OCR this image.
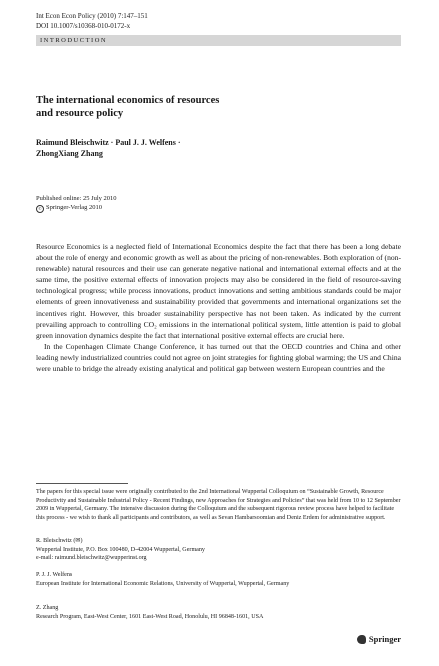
Int Econ Econ Policy (2010) 7:147–151
DOI 10.1007/s10368-010-0172-x
INTRODUCTION
The international economics of resources
and resource policy
Raimund Bleischwitz · Paul J. J. Welfens ·
ZhongXiang Zhang
Published online: 25 July 2010
© Springer-Verlag 2010

Resource Economics is a neglected field of International Economics despite the fact that there has been a long debate about the role of energy and economic growth as well as about the pricing of non-renewables. Both exploration of (non-renewable) natural resources and their use can generate negative national and international external effects and at the same time, the positive external effects of innovation projects may also be considered in the field of resource-saving technological progress; while process innovations, product innovations and setting ambitious standards could be major elements of green innovativeness and sustainability provided that governments and international organizations set the incentives right. However, this broader sustainability perspective has not been taken. As indicated by the current prevailing approach to controlling CO₂ emissions in the international political system, little attention is paid to global green innovation dynamics despite the fact that international positive external effects are crucial here.

In the Copenhagen Climate Change Conference, it has turned out that the OECD countries and China and other leading newly industrialized countries could not agree on joint strategies for fighting global warming; the US and China were unable to bridge the already existing analytical and political gap between western European countries and the

The papers for this special issue were originally contributed to the 2nd International Wuppertal Colloquium on “Sustainable Growth, Resource Productivity and Sustainable Industrial Policy - Recent Findings, new Approaches for Strategies and Policies” that was held from 10 to 12 September 2009 in Wuppertal, Germany. The intensive discussion during the Colloquium and the subsequent rigorous review process have helped to facilitate this process - we wish to thank all participants and contributors, as well as Sevan Hambarsoomian and Deniz Erdem for administrative support.
R. Bleischwitz (✉)
Wuppertal Institute, P.O. Box 100480, D-42004 Wuppertal, Germany
e-mail: raimund.bleischwitz@wupperinst.org
P. J. J. Welfens
European Institute for International Economic Relations, University of Wuppertal, Wuppertal, Germany
Z. Zhang
Research Program, East-West Center, 1601 East-West Road, Honolulu, HI 96848-1601, USA
Springer
